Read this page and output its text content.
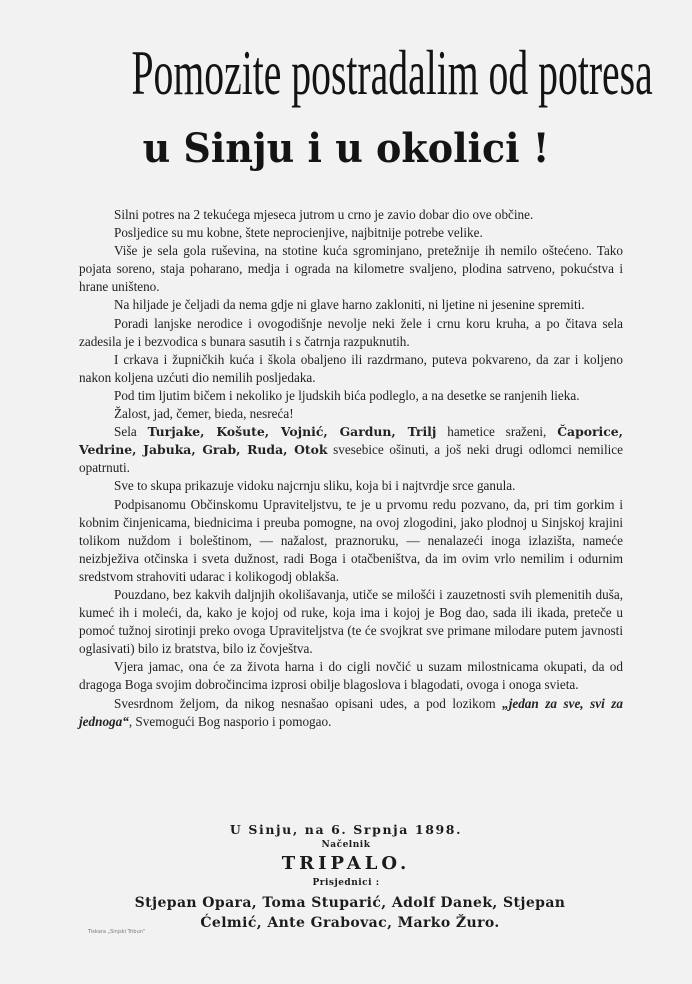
Pomozite postradalim od potresa
u Sinju i u okolici !

Silni potres na 2 tekućega mjeseca jutrom u crno je zavio dobar dio ove občine.

Posljedice su mu kobne, štete neprocienjive, najbitnije potrebe velike.

Više je sela gola ruševina, na stotine kuća sgrominjano, pretežnije ih nemilo oštećeno. Tako pojata soreno, staja poharano, medja i ograda na kilometre svaljeno, plodina satrveno, pokućstva i hrane uništeno.

Na hiljade je čeljadi da nema gdje ni glave harno zakloniti, ni ljetine ni jesenine spremiti.

Poradi lanjske nerodice i ovogodišnje nevolje neki žele i crnu koru kruha, a po čitava sela zadesila je i bezvodica s bunara sasutih i s čatrnja razpuknutih.

I crkava i župničkih kuća i škola obaljeno ili razdrmano, puteva pokvareno, da zar i koljeno nakon koljena uzćuti dio nemilih posljedaka.

Pod tim ljutim bičem i nekoliko je ljudskih bića podleglo, a na desetke se ranjenih lieka.

Žalost, jad, čemer, bieda, nesreća!

Sela Turjake, Košute, Vojnić, Gardun, Trilj hametice sraženi, Čaporice, Vedrine, Jabuka, Grab, Ruda, Otok svesebice ošinuti, a još neki drugi odlomci nemilice opatrnuti.

Sve to skupa prikazuje vidoku najcrnju sliku, koja bi i najtvrdje srce ganula.

Podpisanomu Občinskomu Upraviteljstvu, te je u prvomu redu pozvano, da, pri tim gorkim i kobnim činjenicama, biednicima i preuba pomogne, na ovoj zlogodini, jako plodnoj u Sinjskoj krajini tolikom nuždom i boleštinom, — nažalost, praznoruku, — nenalazeći inoga izlazišta, nameće neizbježiva otčinska i sveta dužnost, radi Boga i otačbeništva, da im ovim vrlo nemilim i odurnim sredstvom strahoviti udarac i kolikogodj oblakša.

Pouzdano, bez kakvih daljnjih okolišavanja, utiče se milošći i zauzetnosti svih plemenitih duša, kumeć ih i moleći, da, kako je kojoj od ruke, koja ima i kojoj je Bog dao, sada ili ikada, preteče u pomoć tužnoj sirotinji preko ovoga Upraviteljstva (te će svojkrat sve primane milodare putem javnosti oglasivati) bilo iz bratstva, bilo iz čovještva.

Vjera jamac, ona će za života harna i do cigli novčić u suzam milostnicama okupati, da od dragoga Boga svojim dobročincima izprosi obilje blagoslova i blagodati, ovoga i onoga svieta.

Svesrdnom željom, da nikog nesnašao opisani udes, a pod lozikom „jedan za sve, svi za jednoga“, Svemogući Bog nasporio i pomogao.

U Sinju, na 6. Srpnja 1898.
Načelnik
TRIPALO.
Prisjednici :
Stjepan Opara, Toma Stuparić, Adolf Danek, Stjepan Ćelmić, Ante Grabovac, Marko Žuro.
Tiskara „Sinjski Tribun“
